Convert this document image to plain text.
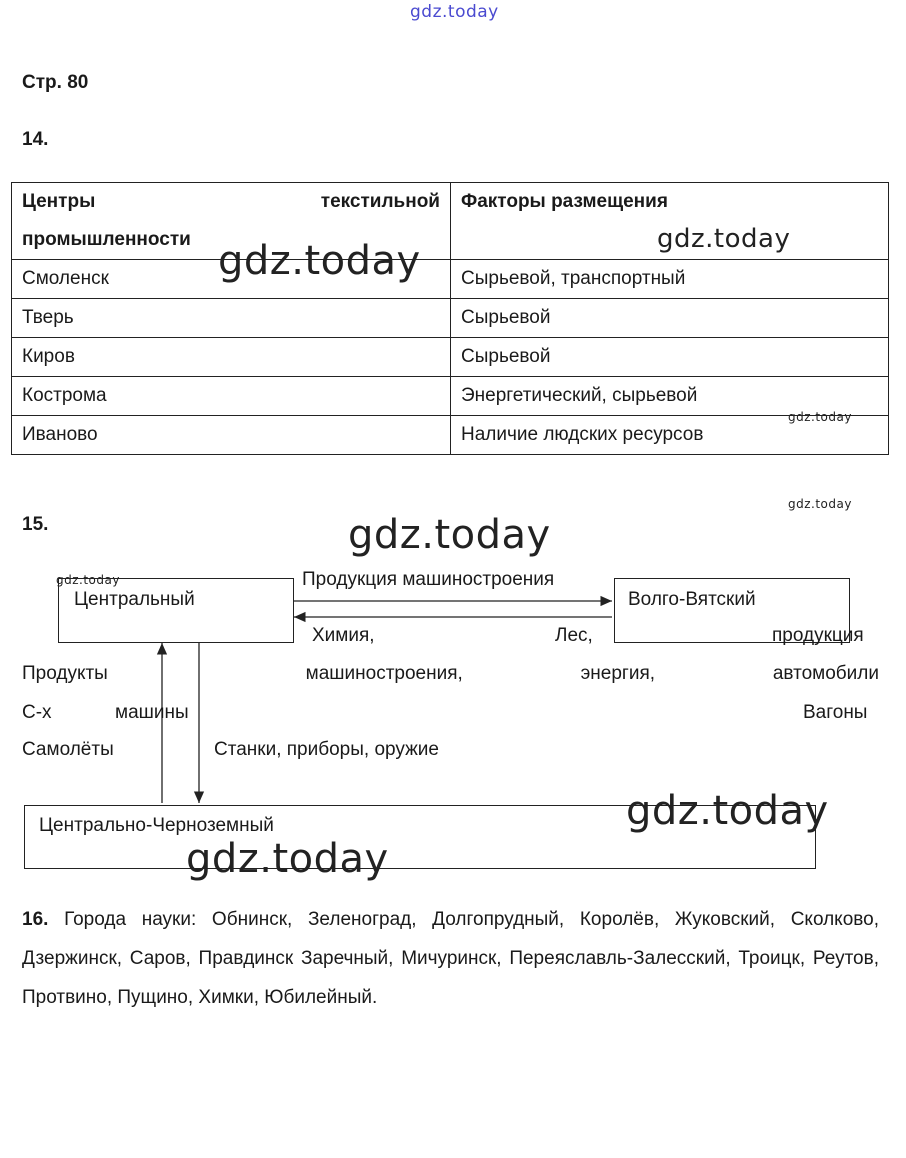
gdz.today
gdz.today	gdz.today
gdz.today
gdz.today
gdz.today
gdz.today
gdz.today
gdz.today
Стр. 80
14.
Центры текстильной
промышленности	Факторы размещения
Смоленск	Сырьевой, транспортный
Тверь	Сырьевой
Киров	Сырьевой
Кострома	Энергетический, сырьевой
Иваново	Наличие людских ресурсов
15.
Центральный	Волго-Вятский
Центрально-Черноземный
Продукция машиностроения
Химия,	Лес,	продукция
Продукты	машиностроения,	энергия,	автомобили
С-х	машины	Вагоны
Самолёты	Станки, приборы, оружие
16. Города науки: Обнинск, Зеленоград, Долгопрудный, Королёв, Жуковский, Сколково, Дзержинск, Саров, Правдинск Заречный, Мичуринск, Переяславль-Залесский, Троицк, Реутов, Протвино, Пущино, Химки, Юбилейный.
